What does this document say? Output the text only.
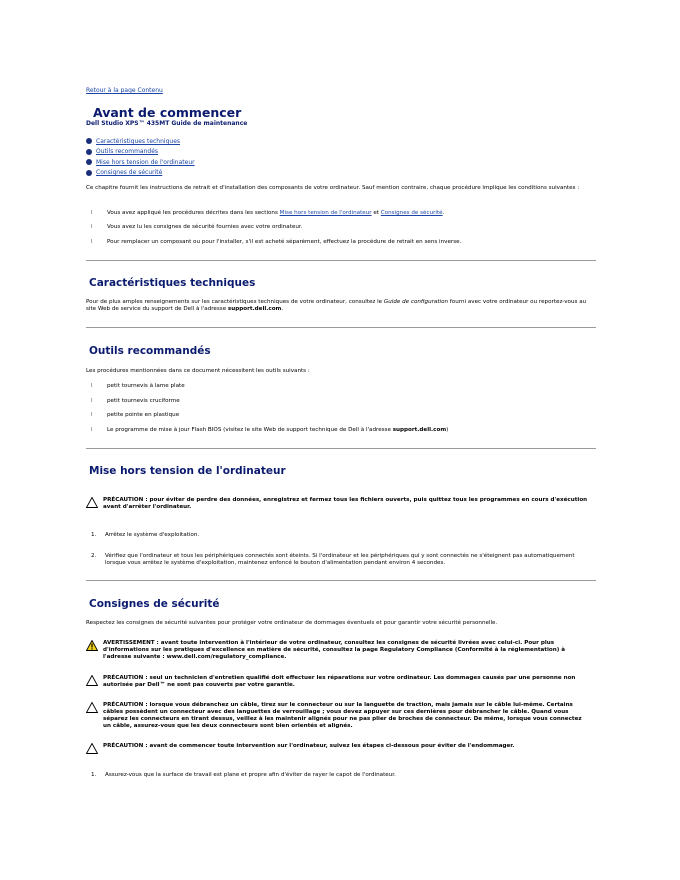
Retour à la page Contenu
Avant de commencer
Dell Studio XPS™ 435MT Guide de maintenance
Caractéristiques techniques
Outils recommandés
Mise hors tension de l'ordinateur
Consignes de sécurité
Ce chapitre fournit les instructions de retrait et d'installation des composants de votre ordinateur. Sauf mention contraire, chaque procédure implique les conditions suivantes :
l	Vous avez appliqué les procédures décrites dans les sections Mise hors tension de l'ordinateur et Consignes de sécurité.
l	Vous avez lu les consignes de sécurité fournies avec votre ordinateur.
l	Pour remplacer un composant ou pour l'installer, s'il est acheté séparément, effectuez la procédure de retrait en sens inverse.
Caractéristiques techniques
Pour de plus amples renseignements sur les caractéristiques techniques de votre ordinateur, consultez le Guide de configuration fourni avec votre ordinateur ou reportez-vous au site Web de service du support de Dell à l'adresse support.dell.com.
Outils recommandés
Les procédures mentionnées dans ce document nécessitent les outils suivants :
l	petit tournevis à lame plate
l	petit tournevis cruciforme
l	petite pointe en plastique
l	Le programme de mise à jour Flash BIOS (visitez le site Web de support technique de Dell à l'adresse support.dell.com)
Mise hors tension de l'ordinateur
PRÉCAUTION : pour éviter de perdre des données, enregistrez et fermez tous les fichiers ouverts, puis quittez tous les programmes en cours d'exécution avant d'arrêter l'ordinateur.
1. Arrêtez le système d'exploitation.
2. Vérifiez que l'ordinateur et tous les périphériques connectés sont éteints. Si l'ordinateur et les périphériques qui y sont connectés ne s'éteignent pas automatiquement lorsque vous arrêtez le système d'exploitation, maintenez enfoncé le bouton d'alimentation pendant environ 4 secondes.
Consignes de sécurité
Respectez les consignes de sécurité suivantes pour protéger votre ordinateur de dommages éventuels et pour garantir votre sécurité personnelle.
AVERTISSEMENT : avant toute intervention à l'intérieur de votre ordinateur, consultez les consignes de sécurité livrées avec celui-ci. Pour plus d'informations sur les pratiques d'excellence en matière de sécurité, consultez la page Regulatory Compliance (Conformité à la réglementation) à l'adresse suivante : www.dell.com/regulatory_compliance.
PRÉCAUTION : seul un technicien d'entretien qualifié doit effectuer les réparations sur votre ordinateur. Les dommages causés par une personne non autorisée par Dell™ ne sont pas couverts par votre garantie.
PRÉCAUTION : lorsque vous débranchez un câble, tirez sur le connecteur ou sur la languette de traction, mais jamais sur le câble lui-même. Certains câbles possèdent un connecteur avec des languettes de verrouillage ; vous devez appuyer sur ces dernières pour débrancher le câble. Quand vous séparez les connecteurs en tirant dessus, veillez à les maintenir alignés pour ne pas plier de broches de connecteur. De même, lorsque vous connectez un câble, assurez-vous que les deux connecteurs sont bien orientés et alignés.
PRÉCAUTION : avant de commencer toute intervention sur l'ordinateur, suivez les étapes ci-dessous pour éviter de l'endommager.
1. Assurez-vous que la surface de travail est plane et propre afin d'éviter de rayer le capot de l'ordinateur.
